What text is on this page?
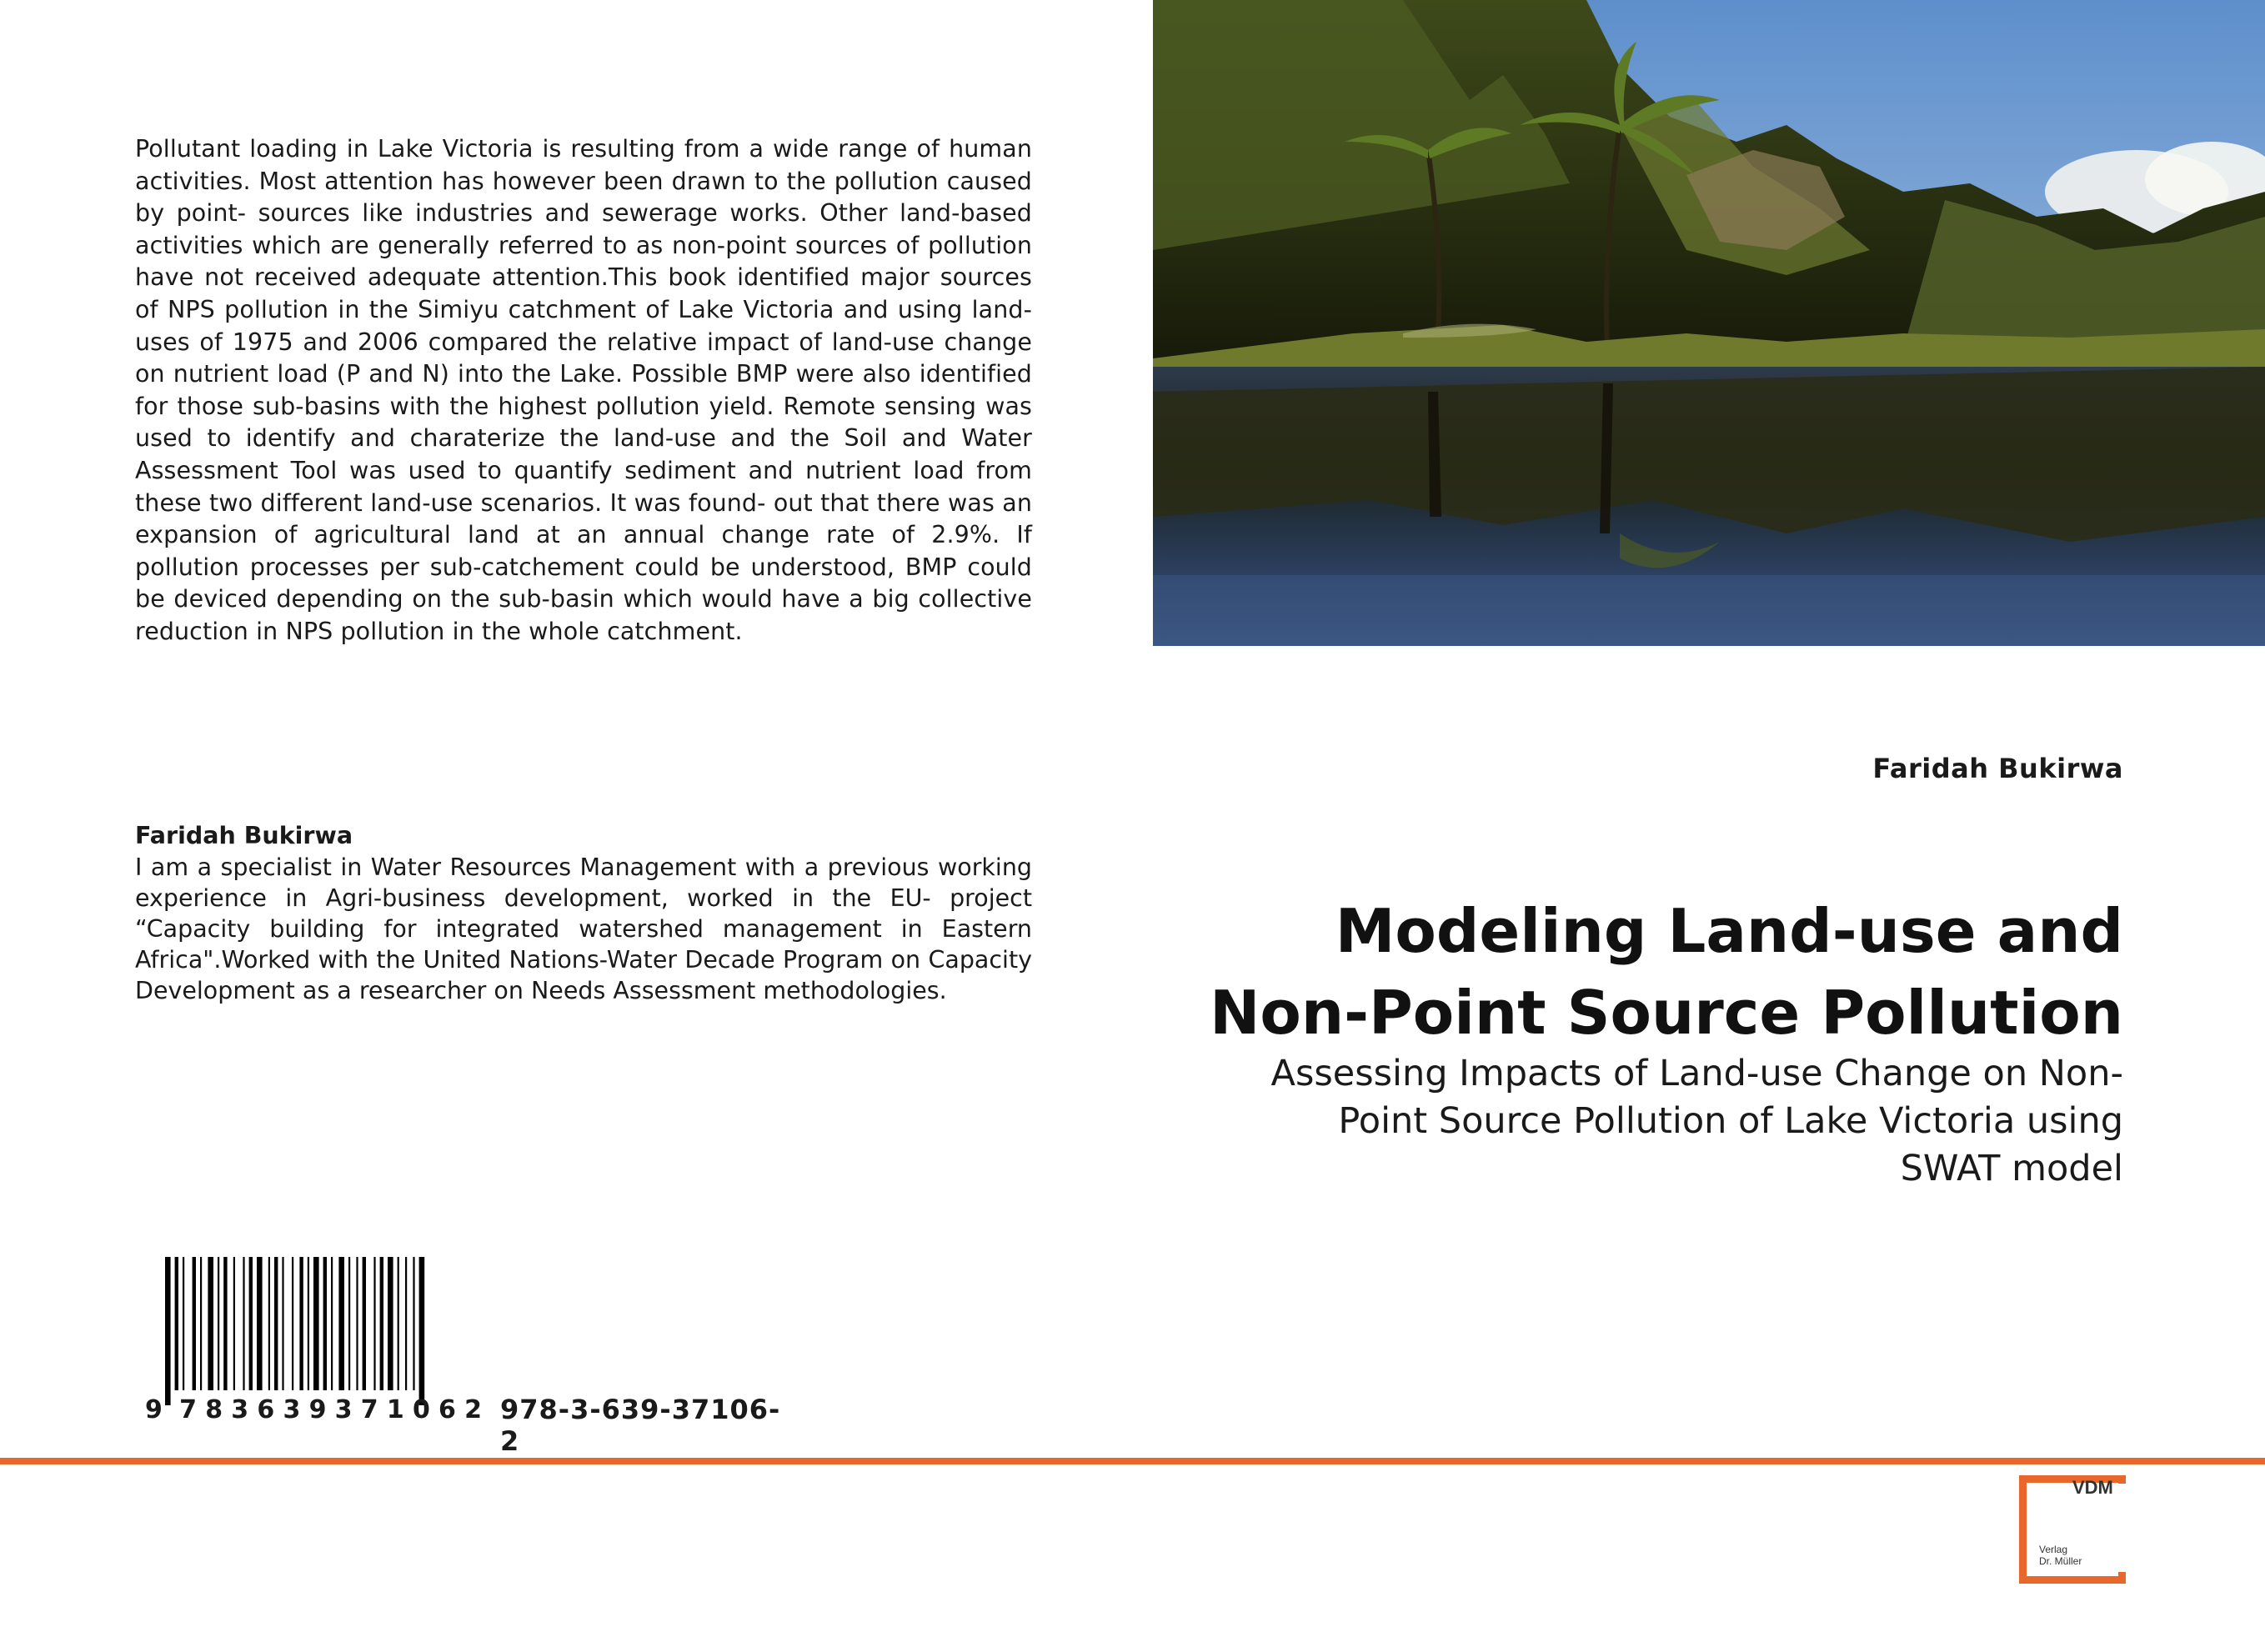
Pollutant loading in Lake Victoria is resulting from a wide range of human activities. Most attention has however been drawn to the pollution caused by point- sources like industries and sewerage works. Other land-based activities which are generally referred to as non-point sources of pollution have not received adequate attention.This book identified major sources of NPS pollution in the Simiyu catchment of Lake Victoria and using land-uses of 1975 and 2006 compared the relative impact of land-use change on nutrient load (P and N) into the Lake. Possible BMP were also identified for those sub-basins with the highest pollution yield. Remote sensing was used to identify and charaterize the land-use and the Soil and Water Assessment Tool was used to quantify sediment and nutrient load from these two different land-use scenarios. It was found- out that there was an expansion of agricultural land at an annual change rate of 2.9%. If pollution processes per sub-catchement could be understood, BMP could be deviced depending on the sub-basin which would have a big collective reduction in NPS pollution in the whole catchment.

Faridah Bukirwa

I am a specialist in Water Resources Management with a previous working experience in Agri-business development, worked in the EU- project “Capacity building for integrated watershed management in Eastern Africa".Worked with the United Nations-Water Decade Program on Capacity Development as a researcher on Needs Assessment methodologies.

9 7 8 3 6 3 9 3 7 1 0 6 2 978-3-639-37106-2
Faridah Bukirwa
Modeling Land-use and
Non-Point Source Pollution

Assessing Impacts of Land-use Change on Non-
Point Source Pollution of Lake Victoria using
SWAT model

VDM
Verlag
Dr. Müller
